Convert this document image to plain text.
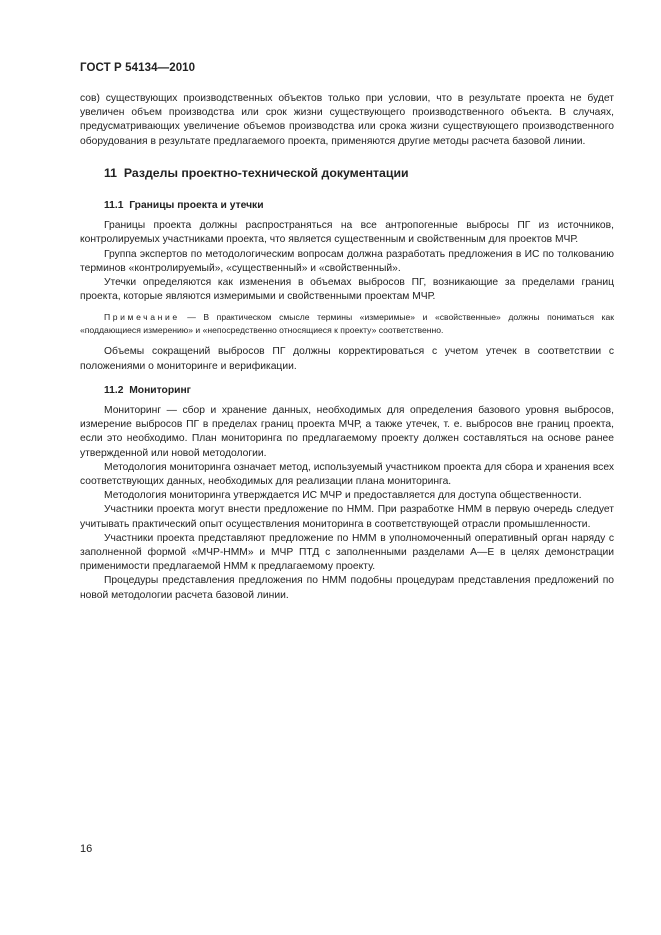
ГОСТ Р 54134—2010

сов) существующих производственных объектов только при условии, что в результате проекта не будет увеличен объем производства или срок жизни существующего производственного объекта. В случаях, предусматривающих увеличение объемов производства или срока жизни существующего производственного оборудования в результате предлагаемого проекта, применяются другие методы расчета базовой линии.

11 Разделы проектно-технической документации
11.1 Границы проекта и утечки

Границы проекта должны распространяться на все антропогенные выбросы ПГ из источников, контролируемых участниками проекта, что является существенным и свойственным для проектов МЧР.

Группа экспертов по методологическим вопросам должна разработать предложения в ИС по толкованию терминов «контролируемый», «существенный» и «свойственный».

Утечки определяются как изменения в объемах выбросов ПГ, возникающие за пределами границ проекта, которые являются измеримыми и свойственными проектам МЧР.

Примечание — В практическом смысле термины «измеримые» и «свойственные» должны пониматься как «поддающиеся измерению» и «непосредственно относящиеся к проекту» соответственно.

Объемы сокращений выбросов ПГ должны корректироваться с учетом утечек в соответствии с положениями о мониторинге и верификации.

11.2 Мониторинг

Мониторинг — сбор и хранение данных, необходимых для определения базового уровня выбросов, измерение выбросов ПГ в пределах границ проекта МЧР, а также утечек, т. е. выбросов вне границ проекта, если это необходимо. План мониторинга по предлагаемому проекту должен составляться на основе ранее утвержденной или новой методологии.

Методология мониторинга означает метод, используемый участником проекта для сбора и хранения всех соответствующих данных, необходимых для реализации плана мониторинга.

Методология мониторинга утверждается ИС МЧР и предоставляется для доступа общественности.

Участники проекта могут внести предложение по НММ. При разработке НММ в первую очередь следует учитывать практический опыт осуществления мониторинга в соответствующей отрасли промышленности.

Участники проекта представляют предложение по НММ в уполномоченный оперативный орган наряду с заполненной формой «МЧР-НММ» и МЧР ПТД с заполненными разделами А—Е в целях демонстрации применимости предлагаемой НММ к предлагаемому проекту.

Процедуры представления предложения по НММ подобны процедурам представления предложений по новой методологии расчета базовой линии.

16
